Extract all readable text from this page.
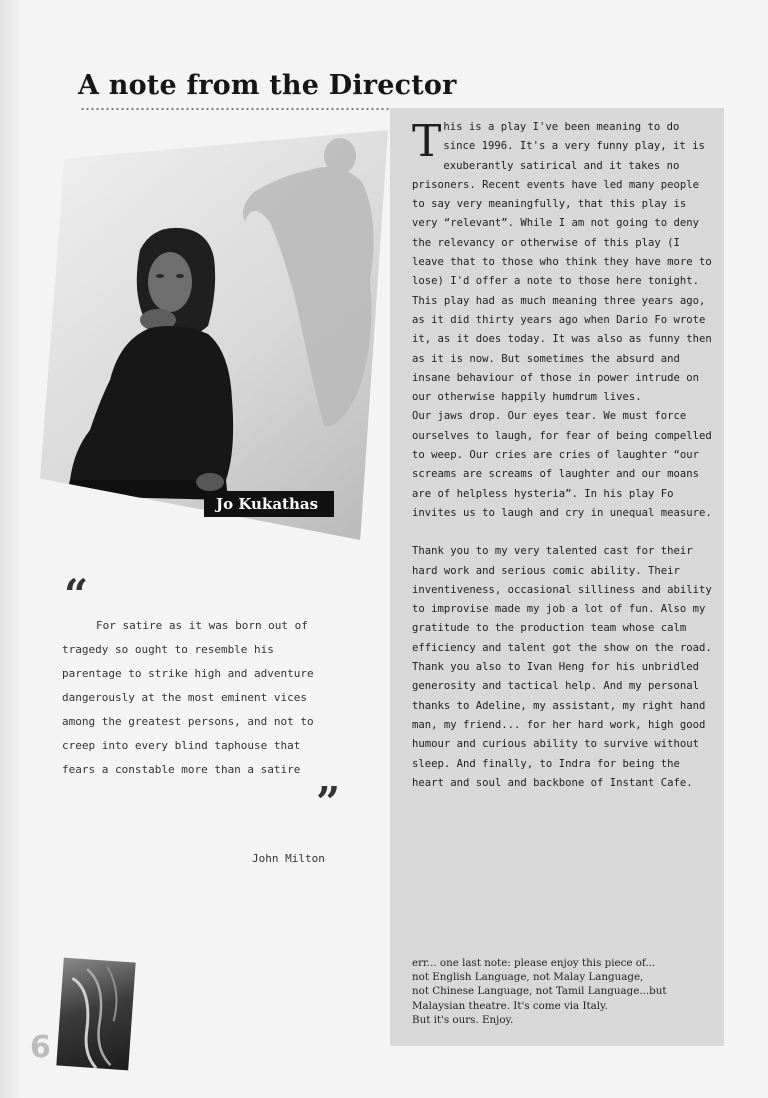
A note from the Director
Jo Kukathas
“

For satire as it was born out of tragedy so ought to resemble his parentage to strike high and adventure dangerously at the most eminent vices among the greatest persons, and not to creep into every blind taphouse that fears a constable more than a satire

”
John Milton

This is a play I've been meaning to do since 1996. It's a very funny play, it is exuberantly satirical and it takes no prisoners. Recent events have led many people to say very meaningfully, that this play is very “relevant”. While I am not going to deny the relevancy or otherwise of this play (I leave that to those who think they have more to lose) I'd offer a note to those here tonight. This play had as much meaning three years ago, as it did thirty years ago when Dario Fo wrote it, as it does today. It was also as funny then as it is now. But sometimes the absurd and insane behaviour of those in power intrude on our otherwise happily humdrum lives.

Our jaws drop. Our eyes tear. We must force ourselves to laugh, for fear of being compelled to weep. Our cries are cries of laughter “our screams are screams of laughter and our moans are of helpless hysteria”. In his play Fo invites us to laugh and cry in unequal measure.

Thank you to my very talented cast for their hard work and serious comic ability. Their inventiveness, occasional silliness and ability to improvise made my job a lot of fun. Also my gratitude to the production team whose calm efficiency and talent got the show on the road. Thank you also to Ivan Heng for his unbridled generosity and tactical help. And my personal thanks to Adeline, my assistant, my right hand man, my friend... for her hard work, high good humour and curious ability to survive without sleep. And finally, to Indra for being the heart and soul and backbone of Instant Cafe.

err... one last note: please enjoy this piece of...
not English Language, not Malay Language,
not Chinese Language, not Tamil Language...but
Malaysian theatre. It's come via Italy.
But it's ours. Enjoy.

6
